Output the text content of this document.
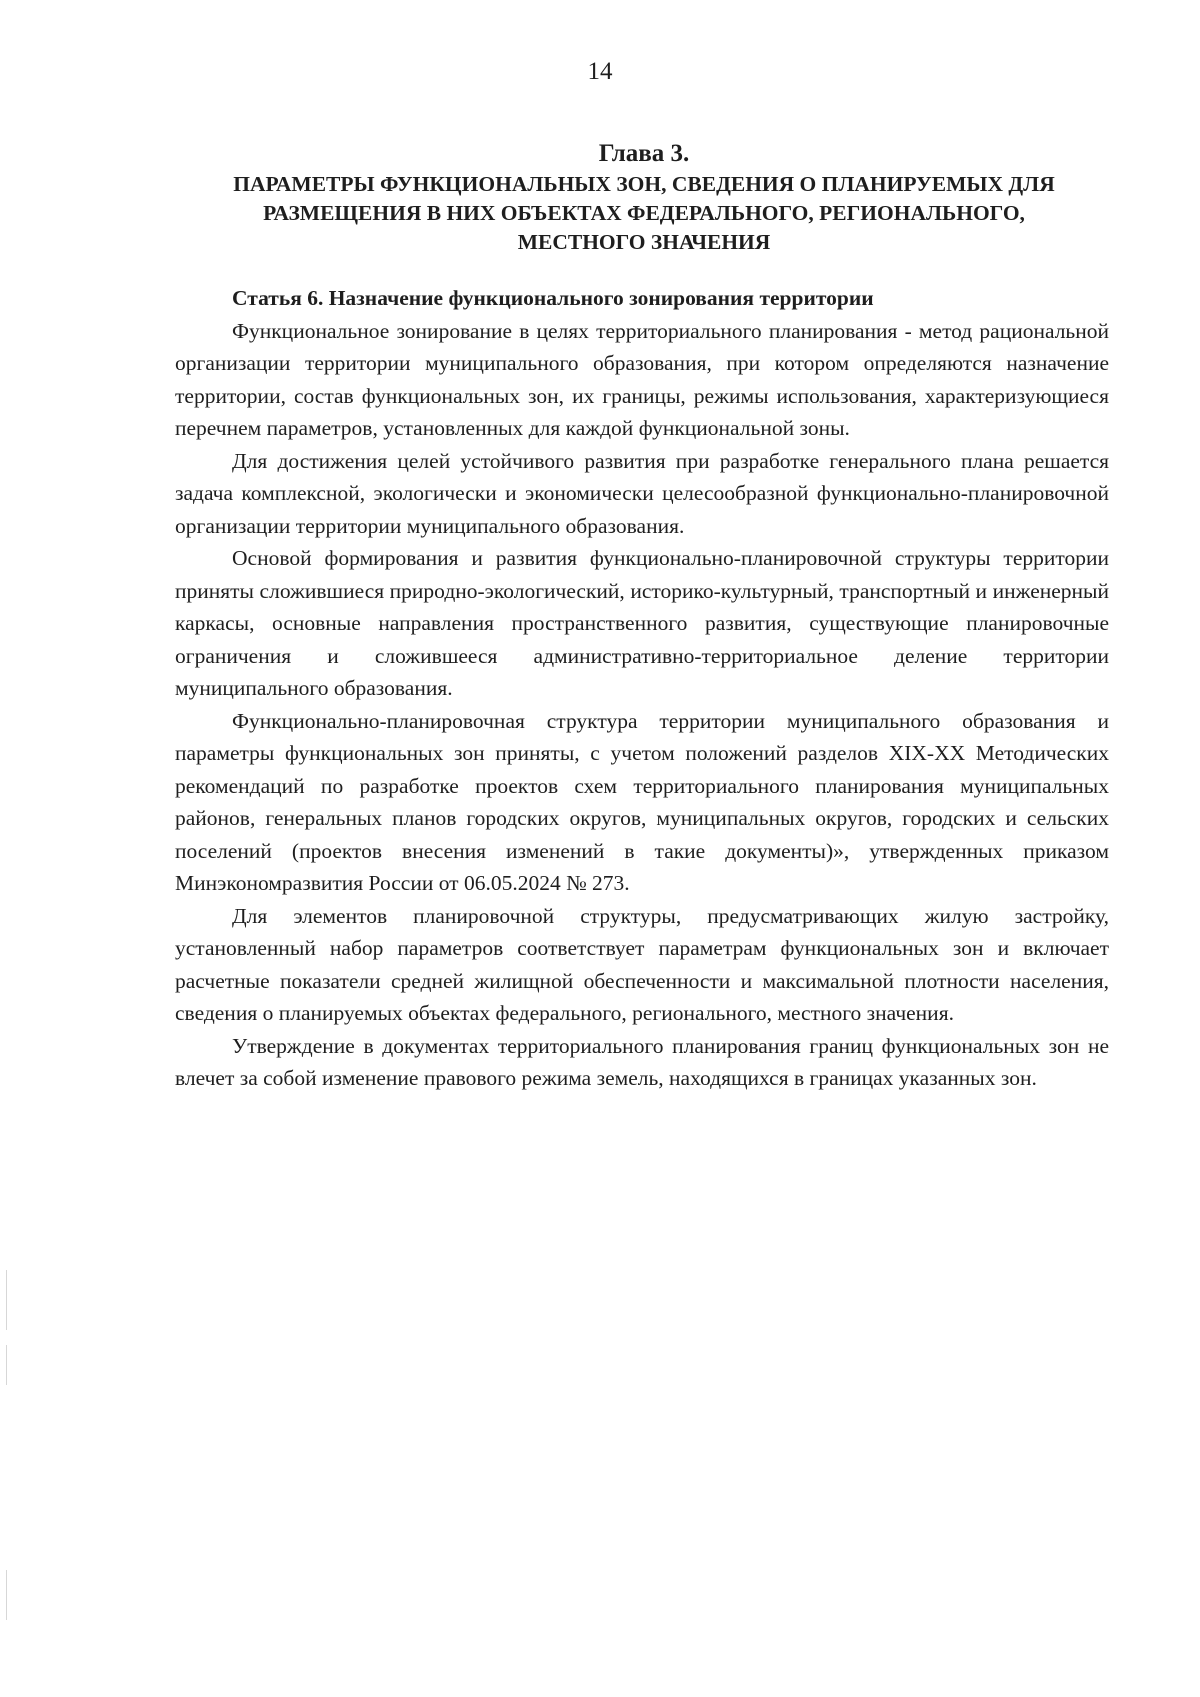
14

Глава 3.
ПАРАМЕТРЫ ФУНКЦИОНАЛЬНЫХ ЗОН, СВЕДЕНИЯ О ПЛАНИРУЕМЫХ ДЛЯ
РАЗМЕЩЕНИЯ В НИХ ОБЪЕКТАХ ФЕДЕРАЛЬНОГО, РЕГИОНАЛЬНОГО,
МЕСТНОГО ЗНАЧЕНИЯ

Статья 6. Назначение функционального зонирования территории

Функциональное зонирование в целях территориального планирования - метод рациональной организации территории муниципального образования, при котором определяются назначение территории, состав функциональных зон, их границы, режимы использования, характеризующиеся перечнем параметров, установленных для каждой функциональной зоны.

Для достижения целей устойчивого развития при разработке генерального плана решается задача комплексной, экологически и экономически целесообразной функционально-планировочной организации территории муниципального образования.

Основой формирования и развития функционально-планировочной структуры территории приняты сложившиеся природно-экологический, историко-культурный, транспортный и инженерный каркасы, основные направления пространственного развития, существующие планировочные ограничения и сложившееся административно-территориальное деление территории муниципального образования.

Функционально-планировочная структура территории муниципального образования и параметры функциональных зон приняты, с учетом положений разделов XIX-XX Методических рекомендаций по разработке проектов схем территориального планирования муниципальных районов, генеральных планов городских округов, муниципальных округов, городских и сельских поселений (проектов внесения изменений в такие документы)», утвержденных приказом Минэкономразвития России от 06.05.2024 № 273.

Для элементов планировочной структуры, предусматривающих жилую застройку, установленный набор параметров соответствует параметрам функциональных зон и включает расчетные показатели средней жилищной обеспеченности и максимальной плотности населения, сведения о планируемых объектах федерального, регионального, местного значения.

Утверждение в документах территориального планирования границ функциональных зон не влечет за собой изменение правового режима земель, находящихся в границах указанных зон.
